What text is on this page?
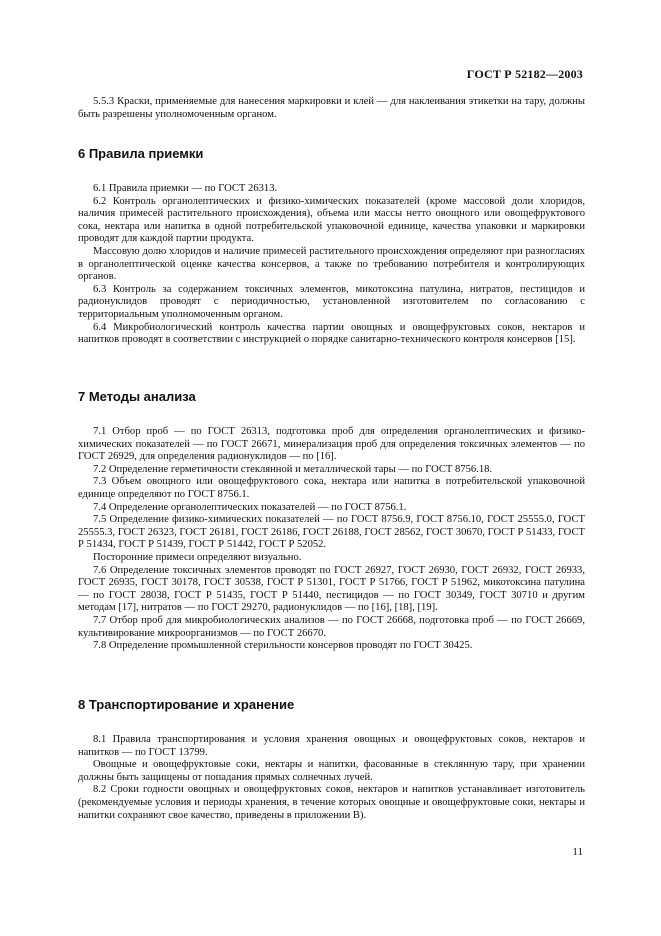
ГОСТ Р 52182—2003

5.5.3 Краски, применяемые для нанесения маркировки и клей — для наклеивания этикетки на тару, должны быть разрешены уполномоченным органом.

6 Правила приемки

6.1 Правила приемки — по ГОСТ 26313.

6.2 Контроль органолептических и физико-химических показателей (кроме массовой доли хлоридов, наличия примесей растительного происхождения), объема или массы нетто овощного или овощефруктового сока, нектара или напитка в одной потребительской упаковочной единице, качества упаковки и маркировки проводят для каждой партии продукта.

Массовую долю хлоридов и наличие примесей растительного происхождения определяют при разногласиях в органолептической оценке качества консервов, а также по требованию потребителя и контролирующих органов.

6.3 Контроль за содержанием токсичных элементов, микотоксина патулина, нитратов, пестицидов и радионуклидов проводят с периодичностью, установленной изготовителем по согласованию с территориальным уполномоченным органом.

6.4 Микробиологический контроль качества партии овощных и овощефруктовых соков, нектаров и напитков проводят в соответствии с инструкцией о порядке санитарно-технического контроля консервов [15].

7 Методы анализа

7.1 Отбор проб — по ГОСТ 26313, подготовка проб для определения органолептических и физико-химических показателей — по ГОСТ 26671, минерализация проб для определения токсичных элементов — по ГОСТ 26929, для определения радионуклидов — по [16].

7.2 Определение герметичности стеклянной и металлической тары — по ГОСТ 8756.18.

7.3 Объем овощного или овощефруктового сока, нектара или напитка в потребительской упаковочной единице определяют по ГОСТ 8756.1.

7.4 Определение органолептических показателей — по ГОСТ 8756.1.

7.5 Определение физико-химических показателей — по ГОСТ 8756.9, ГОСТ 8756.10, ГОСТ 25555.0, ГОСТ 25555.3, ГОСТ 26323, ГОСТ 26181, ГОСТ 26186, ГОСТ 26188, ГОСТ 28562, ГОСТ 30670, ГОСТ Р 51433, ГОСТ Р 51434, ГОСТ Р 51439, ГОСТ Р 51442, ГОСТ Р 52052.

Посторонние примеси определяют визуально.

7.6 Определение токсичных элементов проводят по ГОСТ 26927, ГОСТ 26930, ГОСТ 26932, ГОСТ 26933, ГОСТ 26935, ГОСТ 30178, ГОСТ 30538, ГОСТ Р 51301, ГОСТ Р 51766, ГОСТ Р 51962, микотоксина патулина — по ГОСТ 28038, ГОСТ Р 51435, ГОСТ Р 51440, пестицидов — по ГОСТ 30349, ГОСТ 30710 и другим методам [17], нитратов — по ГОСТ 29270, радионуклидов — по [16], [18], [19].

7.7 Отбор проб для микробиологических анализов — по ГОСТ 26668, подготовка проб — по ГОСТ 26669, культивирование микроорганизмов — по ГОСТ 26670.

7.8 Определение промышленной стерильности консервов проводят по ГОСТ 30425.

8 Транспортирование и хранение

8.1 Правила транспортирования и условия хранения овощных и овощефруктовых соков, нектаров и напитков — по ГОСТ 13799.

Овощные и овощефруктовые соки, нектары и напитки, фасованные в стеклянную тару, при хранении должны быть защищены от попадания прямых солнечных лучей.

8.2 Сроки годности овощных и овощефруктовых соков, нектаров и напитков устанавливает изготовитель (рекомендуемые условия и периоды хранения, в течение которых овощные и овощефруктовые соки, нектары и напитки сохраняют свое качество, приведены в приложении В).

11
